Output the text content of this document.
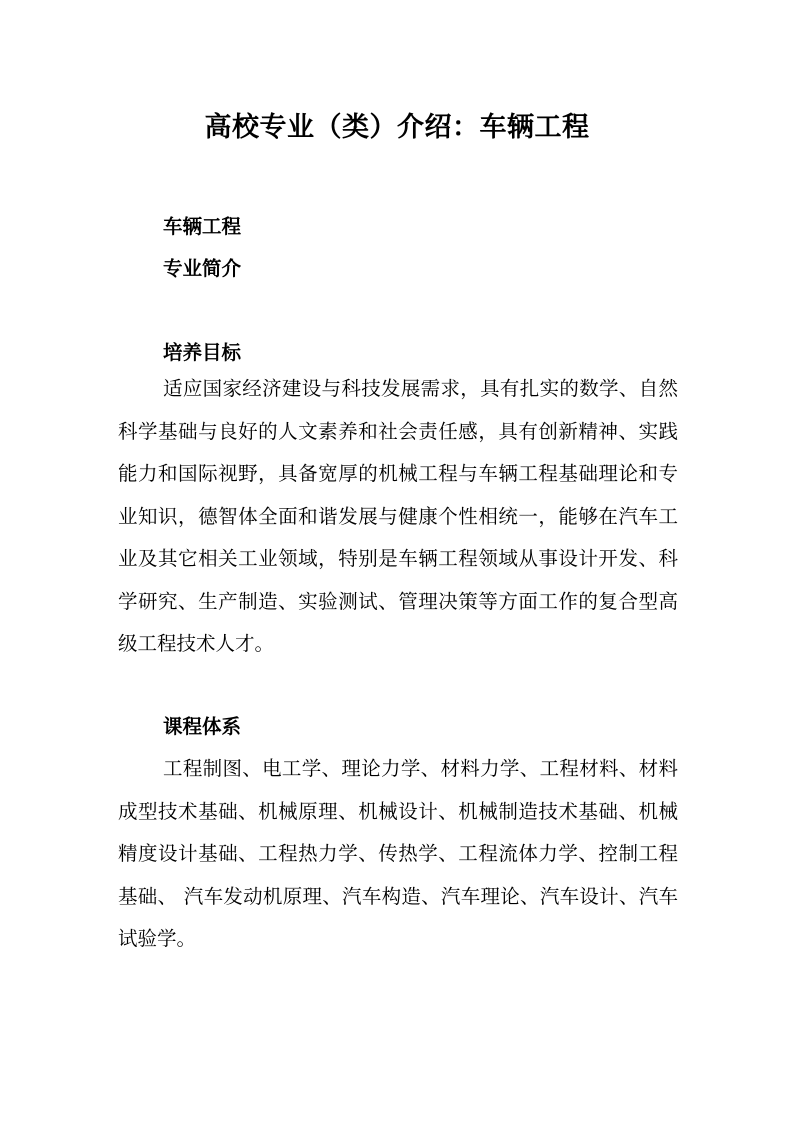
高校专业（类）介绍：车辆工程
车辆工程
专业简介
培养目标
适应国家经济建设与科技发展需求，具有扎实的数学、自然科学基础与良好的人文素养和社会责任感，具有创新精神、实践能力和国际视野，具备宽厚的机械工程与车辆工程基础理论和专业知识，德智体全面和谐发展与健康个性相统一，能够在汽车工业及其它相关工业领域，特别是车辆工程领域从事设计开发、科学研究、生产制造、实验测试、管理决策等方面工作的复合型高级工程技术人才。
课程体系
工程制图、电工学、理论力学、材料力学、工程材料、材料成型技术基础、机械原理、机械设计、机械制造技术基础、机械精度设计基础、工程热力学、传热学、工程流体力学、控制工程基础、 汽车发动机原理、汽车构造、汽车理论、汽车设计、汽车试验学。
